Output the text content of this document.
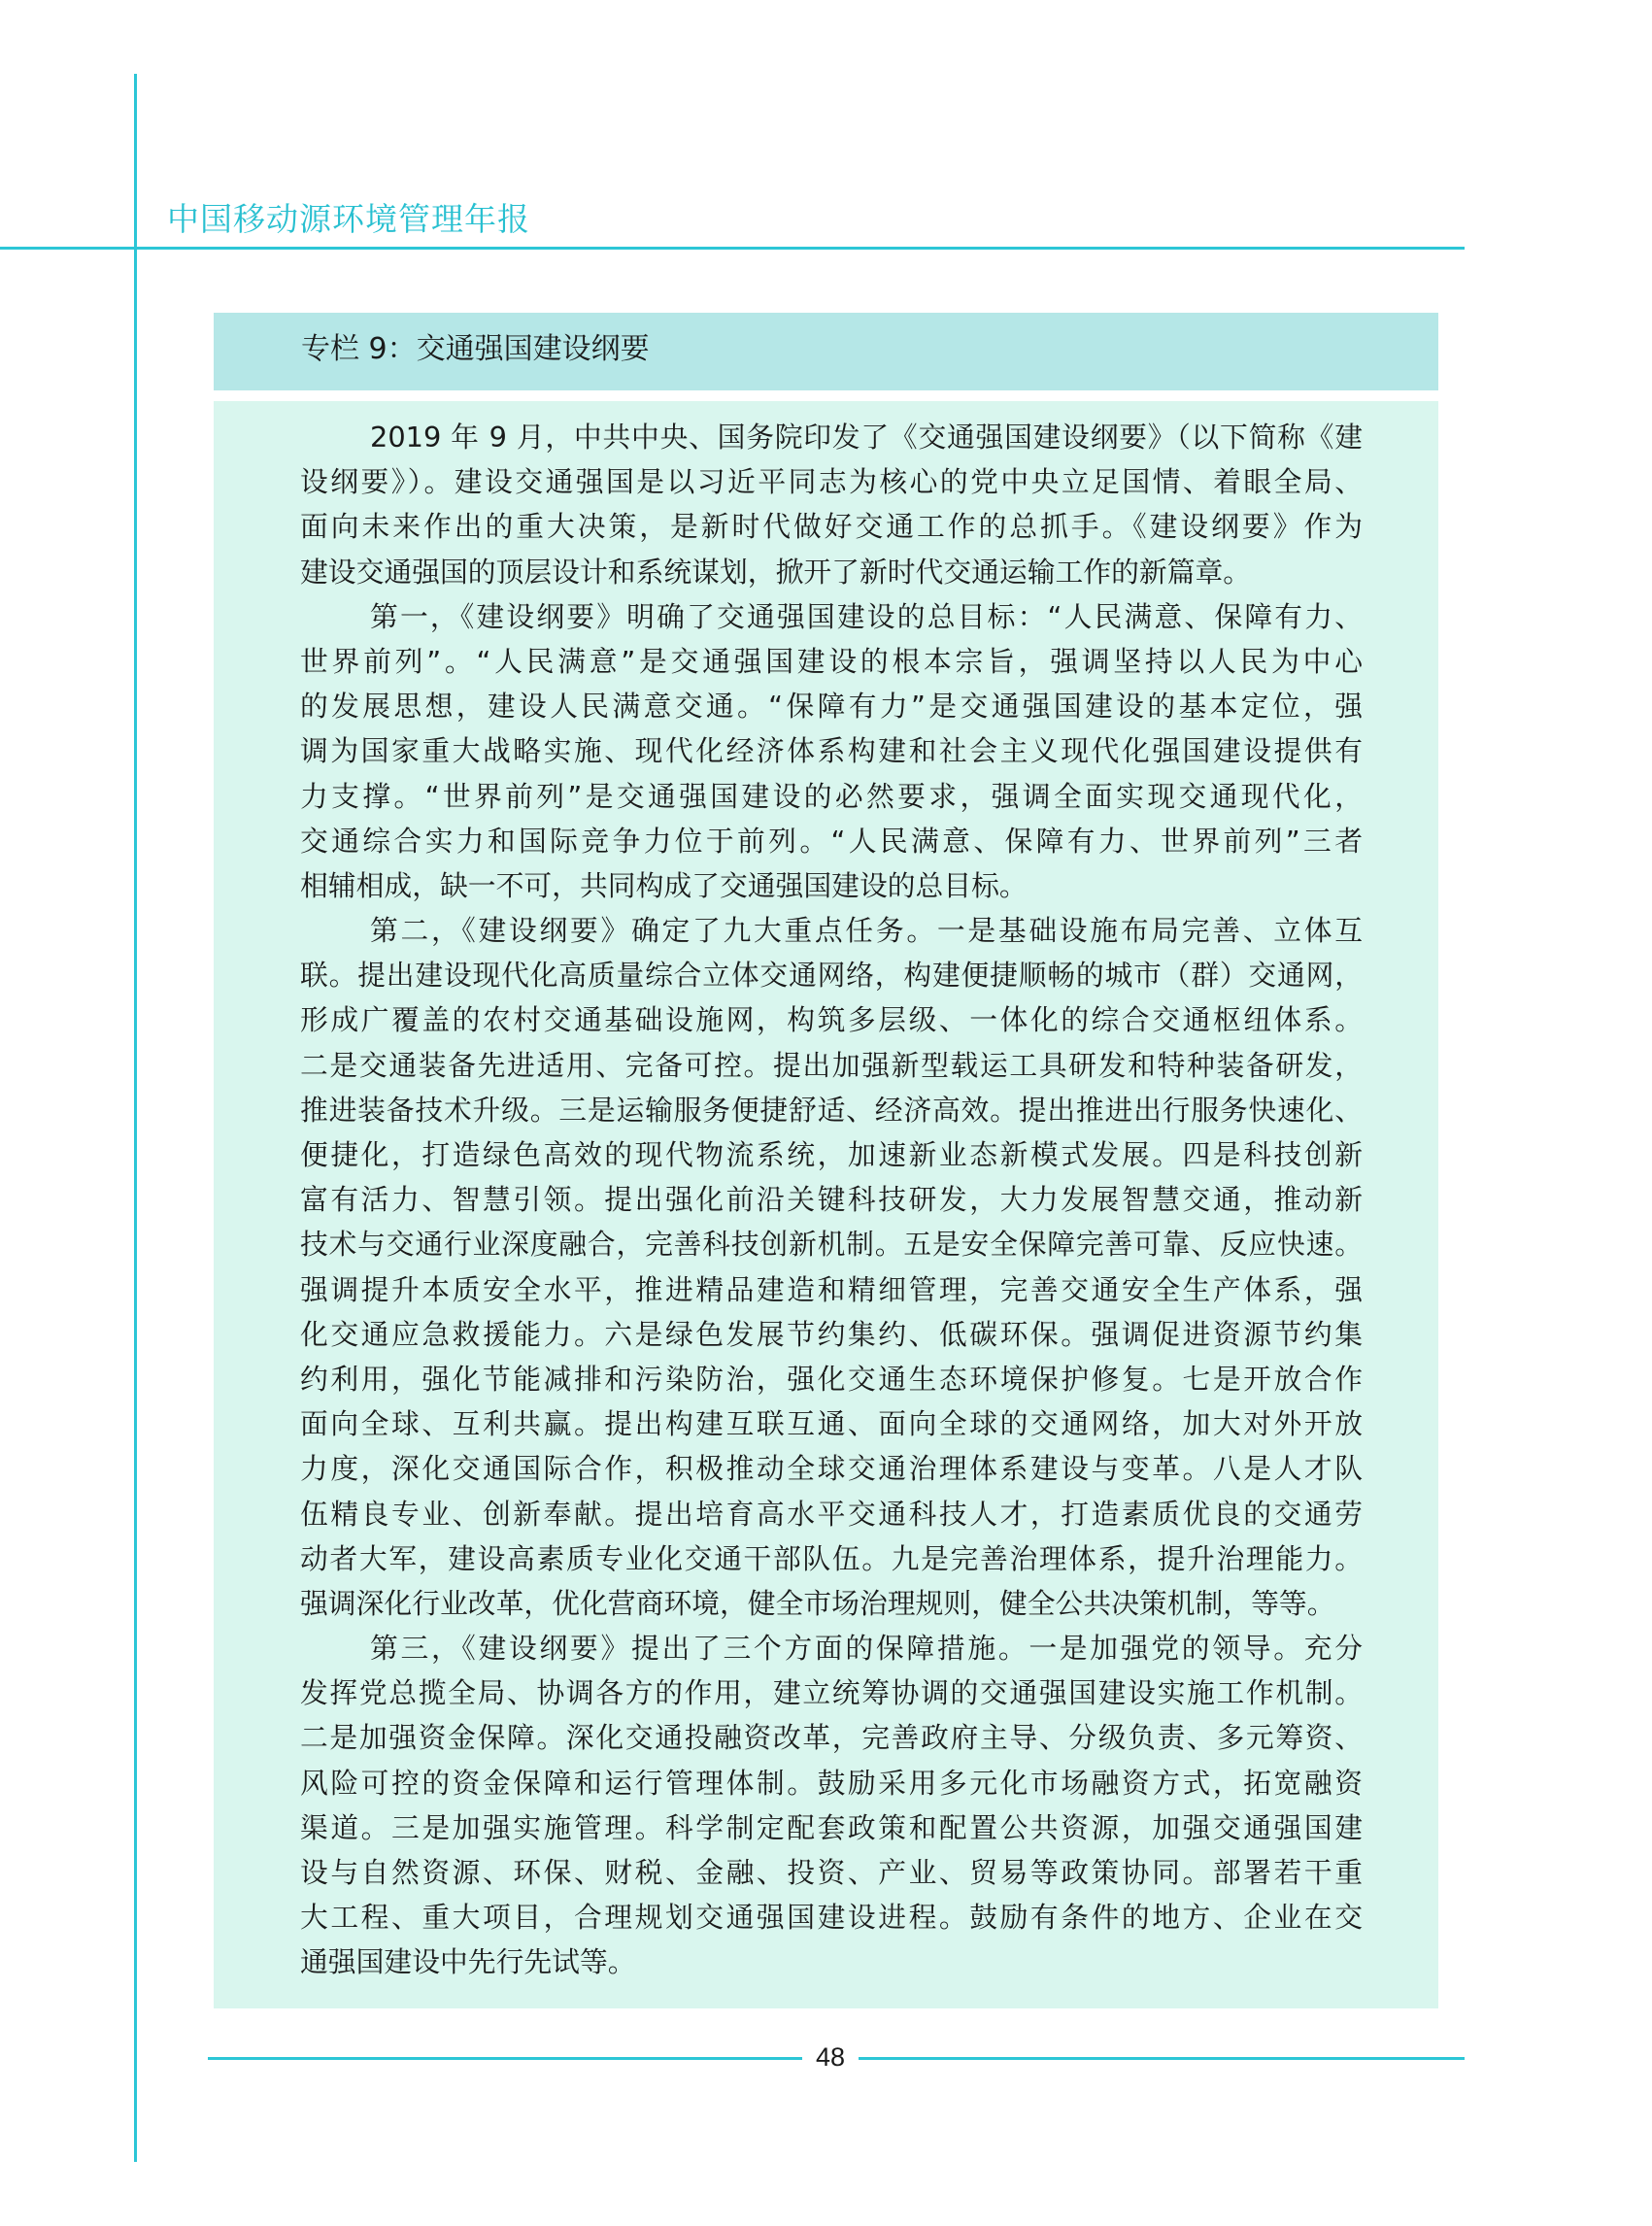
中国移动源环境管理年报
专栏 9：交通强国建设纲要
2019 年 9 月，中共中央、国务院印发了《交通强国建设纲要》（以下简称《建
设纲要》）。建设交通强国是以习近平同志为核心的党中央立足国情、着眼全局、
面向未来作出的重大决策，是新时代做好交通工作的总抓手。《建设纲要》作为
建设交通强国的顶层设计和系统谋划，掀开了新时代交通运输工作的新篇章。
第一，《建设纲要》明确了交通强国建设的总目标：“人民满意、保障有力、
世界前列”。“人民满意”是交通强国建设的根本宗旨，强调坚持以人民为中心
的发展思想，建设人民满意交通。“保障有力”是交通强国建设的基本定位，强
调为国家重大战略实施、现代化经济体系构建和社会主义现代化强国建设提供有
力支撑。“世界前列”是交通强国建设的必然要求，强调全面实现交通现代化，
交通综合实力和国际竞争力位于前列。“人民满意、保障有力、世界前列”三者
相辅相成，缺一不可，共同构成了交通强国建设的总目标。
第二，《建设纲要》确定了九大重点任务。一是基础设施布局完善、立体互
联。提出建设现代化高质量综合立体交通网络，构建便捷顺畅的城市（群）交通网，
形成广覆盖的农村交通基础设施网，构筑多层级、一体化的综合交通枢纽体系。
二是交通装备先进适用、完备可控。提出加强新型载运工具研发和特种装备研发，
推进装备技术升级。三是运输服务便捷舒适、经济高效。提出推进出行服务快速化、
便捷化，打造绿色高效的现代物流系统，加速新业态新模式发展。四是科技创新
富有活力、智慧引领。提出强化前沿关键科技研发，大力发展智慧交通，推动新
技术与交通行业深度融合，完善科技创新机制。五是安全保障完善可靠、反应快速。
强调提升本质安全水平，推进精品建造和精细管理，完善交通安全生产体系，强
化交通应急救援能力。六是绿色发展节约集约、低碳环保。强调促进资源节约集
约利用，强化节能减排和污染防治，强化交通生态环境保护修复。七是开放合作
面向全球、互利共赢。提出构建互联互通、面向全球的交通网络，加大对外开放
力度，深化交通国际合作，积极推动全球交通治理体系建设与变革。八是人才队
伍精良专业、创新奉献。提出培育高水平交通科技人才，打造素质优良的交通劳
动者大军，建设高素质专业化交通干部队伍。九是完善治理体系，提升治理能力。
强调深化行业改革，优化营商环境，健全市场治理规则，健全公共决策机制，等等。
第三，《建设纲要》提出了三个方面的保障措施。一是加强党的领导。充分
发挥党总揽全局、协调各方的作用，建立统筹协调的交通强国建设实施工作机制。
二是加强资金保障。深化交通投融资改革，完善政府主导、分级负责、多元筹资、
风险可控的资金保障和运行管理体制。鼓励采用多元化市场融资方式，拓宽融资
渠道。三是加强实施管理。科学制定配套政策和配置公共资源，加强交通强国建
设与自然资源、环保、财税、金融、投资、产业、贸易等政策协同。部署若干重
大工程、重大项目，合理规划交通强国建设进程。鼓励有条件的地方、企业在交
通强国建设中先行先试等。
48
